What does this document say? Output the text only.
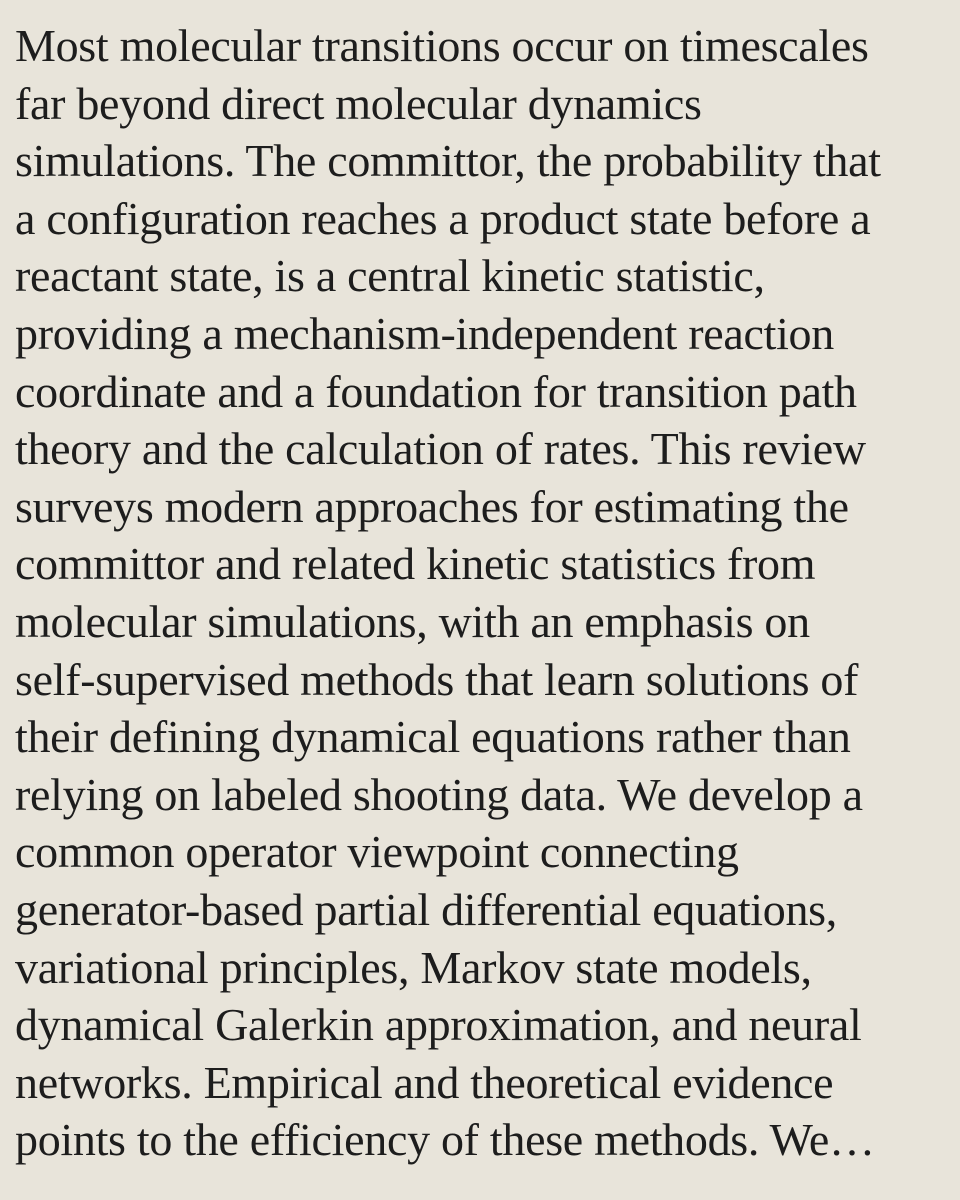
Most molecular transitions occur on timescales
far beyond direct molecular dynamics
simulations. The committor, the probability that
a configuration reaches a product state before a
reactant state, is a central kinetic statistic,
providing a mechanism-independent reaction
coordinate and a foundation for transition path
theory and the calculation of rates. This review
surveys modern approaches for estimating the
committor and related kinetic statistics from
molecular simulations, with an emphasis on
self-supervised methods that learn solutions of
their defining dynamical equations rather than
relying on labeled shooting data. We develop a
common operator viewpoint connecting
generator-based partial differential equations,
variational principles, Markov state models,
dynamical Galerkin approximation, and neural
networks. Empirical and theoretical evidence
points to the efficiency of these methods. We…
